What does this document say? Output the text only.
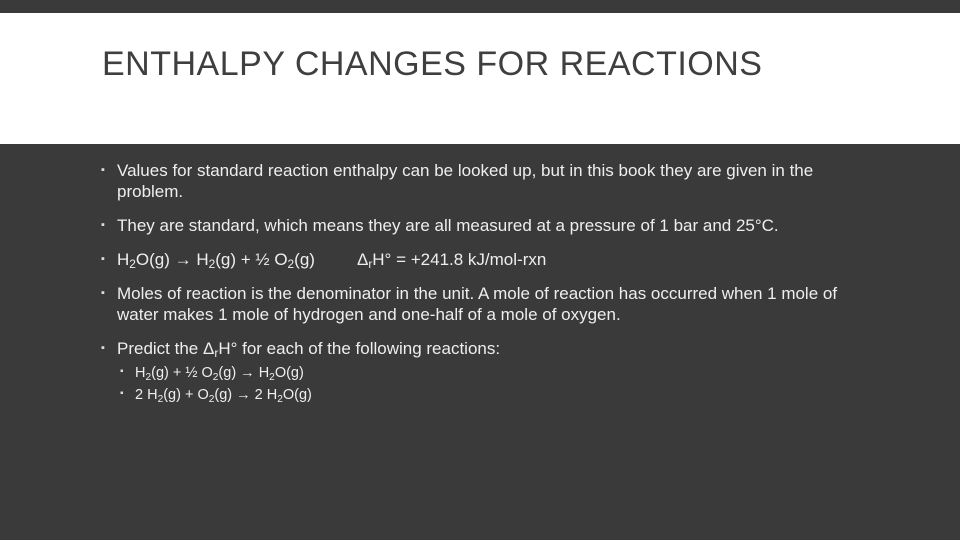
ENTHALPY CHANGES FOR REACTIONS
▪ Values for standard reaction enthalpy can be looked up, but in this book they are given in the problem.
▪ They are standard, which means they are all measured at a pressure of 1 bar and 25°C.
▪ $H_2O(g) \to H_2(g)$ + ½ $O_2(g) \Delta_rH^\circ = +241.8$ kJ/mol-rxn
▪ Moles of reaction is the denominator in the unit. A mole of reaction has occurred when 1 mole of water makes 1 mole of hydrogen and one-half of a mole of oxygen.
▪ Predict the $\Delta_rH^\circ$ for each of the following reactions:
▪ $H_2(g)$ + ½ $O_2(g) \to H_2O(g)$
▪ 2 $H_2(g) + O_2(g) \to 2$ $H_2O(g)$
